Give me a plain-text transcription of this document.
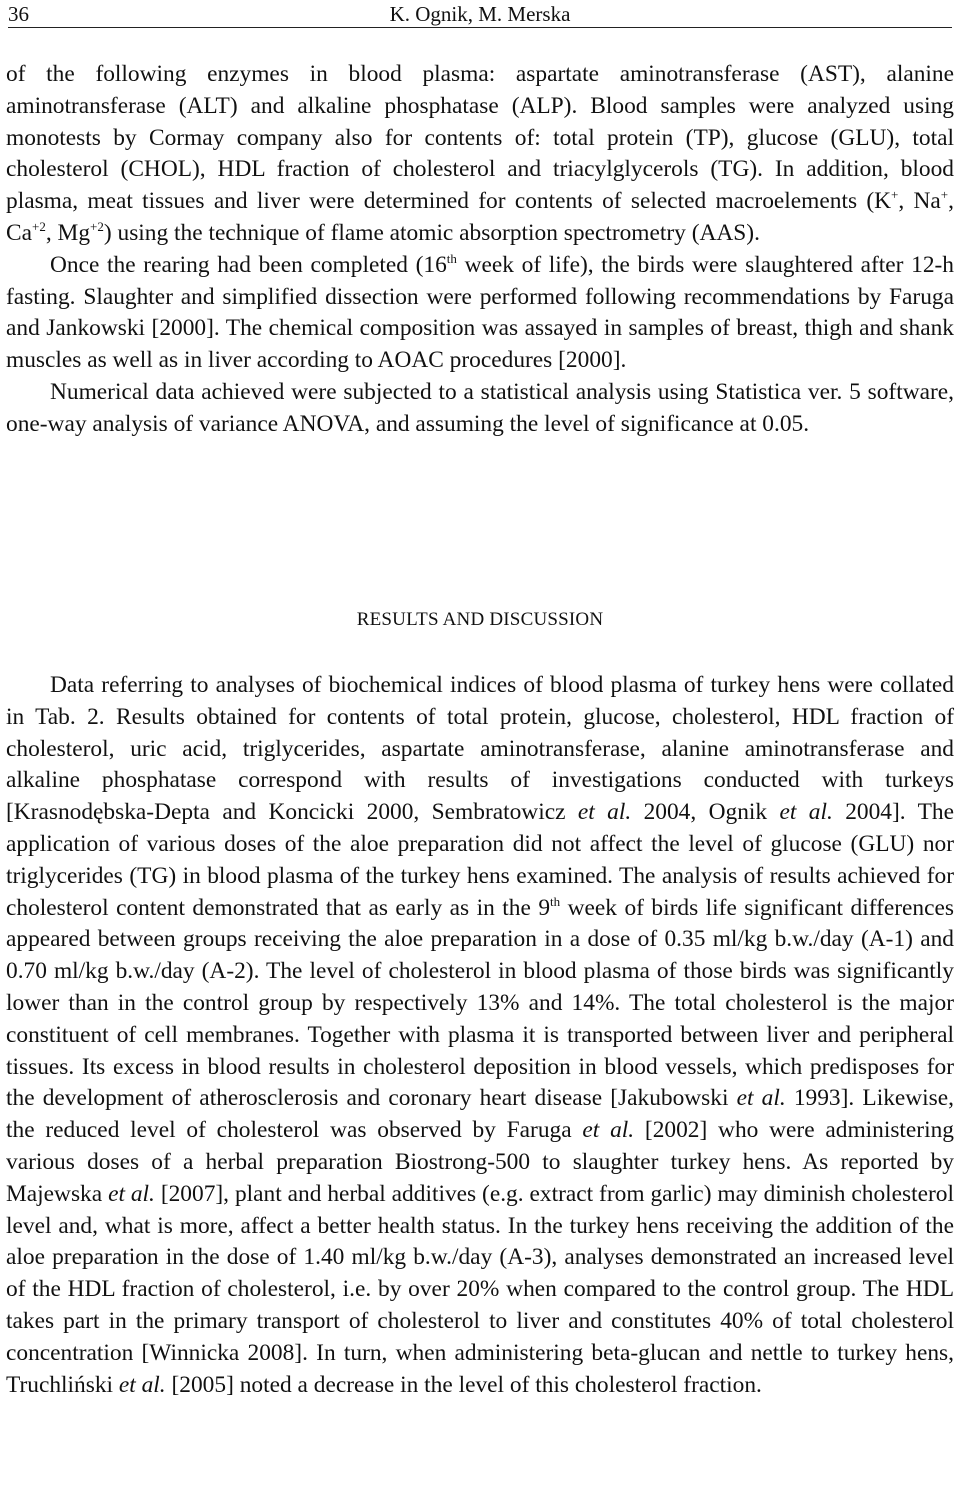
36	K. Ognik, M. Merska

of the following enzymes in blood plasma: aspartate aminotransferase (AST), alanine aminotransferase (ALT) and alkaline phosphatase (ALP). Blood samples were analyzed using monotests by Cormay company also for contents of: total protein (TP), glucose (GLU), total cholesterol (CHOL), HDL fraction of cholesterol and triacylglycerols (TG). In addition, blood plasma, meat tissues and liver were determined for contents of selected macroelements (K+, Na+, $Ca^{+2}$, $Mg^{+2}$) using the technique of flame atomic absorption spectrometry (AAS).

Once the rearing had been completed (16th week of life), the birds were slaughtered after 12-h fasting. Slaughter and simplified dissection were performed following recommendations by Faruga and Jankowski [2000]. The chemical composition was assayed in samples of breast, thigh and shank muscles as well as in liver according to AOAC procedures [2000].

Numerical data achieved were subjected to a statistical analysis using Statistica ver. 5 software, one-way analysis of variance ANOVA, and assuming the level of significance at 0.05.

RESULTS AND DISCUSSION

Data referring to analyses of biochemical indices of blood plasma of turkey hens were collated in Tab. 2. Results obtained for contents of total protein, glucose, cholesterol, HDL fraction of cholesterol, uric acid, triglycerides, aspartate aminotransferase, alanine aminotransferase and alkaline phosphatase correspond with results of investigations conducted with turkeys [Krasnodębska-Depta and Koncicki 2000, Sembratowicz et al. 2004, Ognik et al. 2004]. The application of various doses of the aloe preparation did not affect the level of glucose (GLU) nor triglycerides (TG) in blood plasma of the turkey hens examined. The analysis of results achieved for cholesterol content demonstrated that as early as in the 9th week of birds life significant differences appeared between groups receiving the aloe preparation in a dose of 0.35 ml/kg b.w./day (A-1) and 0.70 ml/kg b.w./day (A-2). The level of cholesterol in blood plasma of those birds was significantly lower than in the control group by respectively 13% and 14%. The total cholesterol is the major constituent of cell membranes. Together with plasma it is transported between liver and peripheral tissues. Its excess in blood results in cholesterol deposition in blood vessels, which predisposes for the development of atherosclerosis and coronary heart disease [Jakubowski et al. 1993]. Likewise, the reduced level of cholesterol was observed by Faruga et al. [2002] who were administering various doses of a herbal preparation Biostrong-500 to slaughter turkey hens. As reported by Majewska et al. [2007], plant and herbal additives (e.g. extract from garlic) may diminish cholesterol level and, what is more, affect a better health status. In the turkey hens receiving the addition of the aloe preparation in the dose of 1.40 ml/kg b.w./day (A-3), analyses demonstrated an increased level of the HDL fraction of cholesterol, i.e. by over 20% when compared to the control group. The HDL takes part in the primary transport of cholesterol to liver and constitutes 40% of total cholesterol concentration [Winnicka 2008]. In turn, when administering beta-glucan and nettle to turkey hens, Truchliński et al. [2005] noted a decrease in the level of this cholesterol fraction.
